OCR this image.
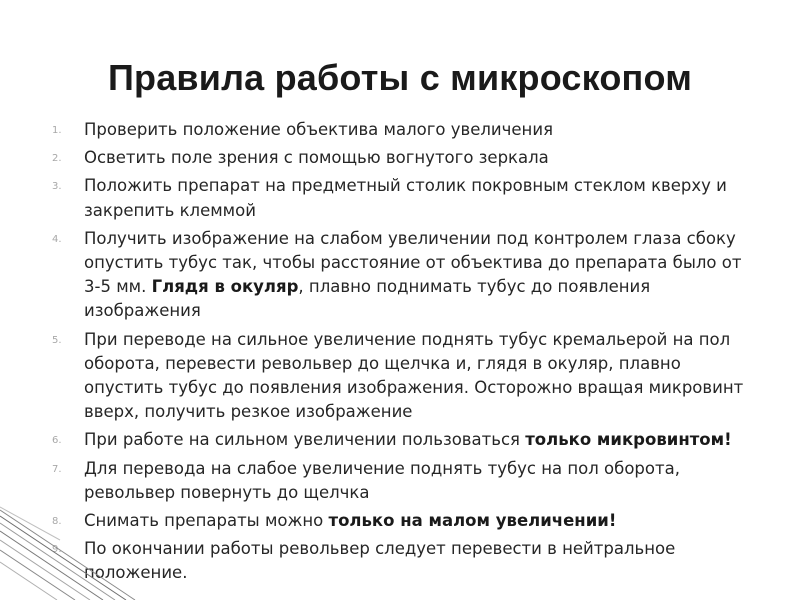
Правила работы с микроскопом
1. Проверить положение объектива малого увеличения
2. Осветить поле зрения с помощью вогнутого зеркала
3. Положить препарат на предметный столик покровным стеклом кверху и закрепить клеммой
4. Получить изображение на слабом увеличении под контролем глаза сбоку опустить тубус так, чтобы расстояние от объектива до препарата было от 3-5 мм. Глядя в окуляр, плавно поднимать тубус до появления изображения
5. При переводе на сильное увеличение поднять тубус кремальерой на пол оборота, перевести револьвер до щелчка и, глядя в окуляр, плавно опустить тубус до появления изображения. Осторожно вращая микровинт вверх, получить резкое изображение
6. При работе на сильном увеличении пользоваться только микровинтом!
7. Для перевода на слабое увеличение поднять тубус на пол оборота, револьвер повернуть до щелчка
8. Снимать препараты можно только на малом увеличении!
9. По окончании работы револьвер следует перевести в нейтральное положение.
